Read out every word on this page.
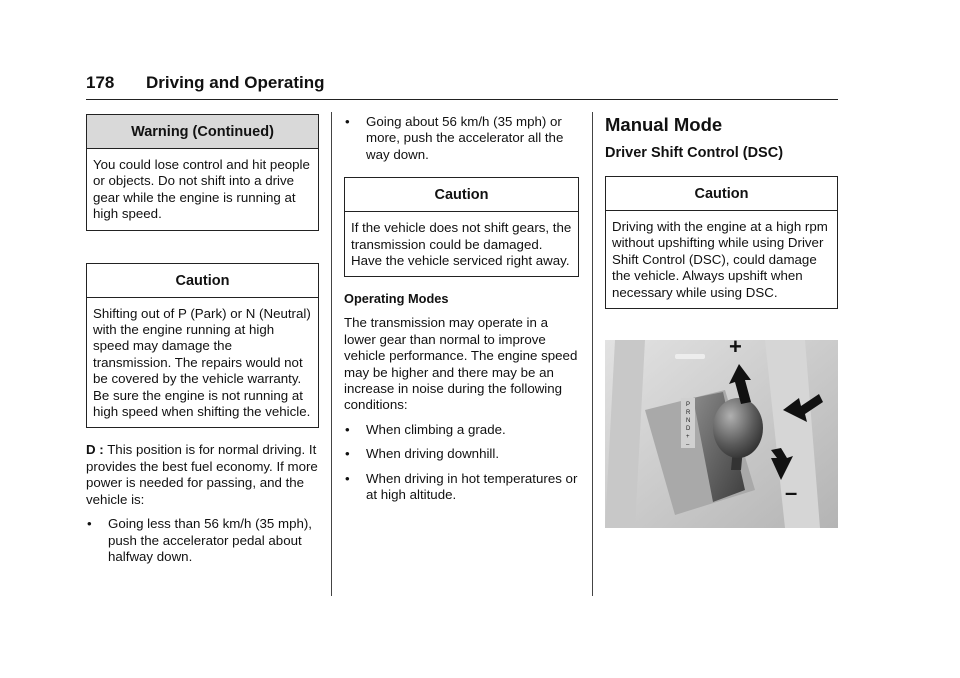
178 Driving and Operating
Warning (Continued)
You could lose control and hit people or objects. Do not shift into a drive gear while the engine is running at high speed.
Caution
Shifting out of P (Park) or N (Neutral) with the engine running at high speed may damage the transmission. The repairs would not be covered by the vehicle warranty. Be sure the engine is not running at high speed when shifting the vehicle.

D : This position is for normal driving. It provides the best fuel economy. If more power is needed for passing, and the vehicle is:

• Going less than 56 km/h (35 mph), push the accelerator pedal about halfway down.
• Going about 56 km/h (35 mph) or more, push the accelerator all the way down.
Caution
If the vehicle does not shift gears, the transmission could be damaged. Have the vehicle serviced right away.

Operating Modes

The transmission may operate in a lower gear than normal to improve vehicle performance. The engine speed may be higher and there may be an increase in noise during the following conditions:

• When climbing a grade.
• When driving downhill.
• When driving in hot temperatures or at high altitude.

Manual Mode

Driver Shift Control (DSC)

Caution
Driving with the engine at a high rpm without upshifting while using Driver Shift Control (DSC), could damage the vehicle. Always upshift when necessary while using DSC.
P
R
N
D
+
–
+
–
